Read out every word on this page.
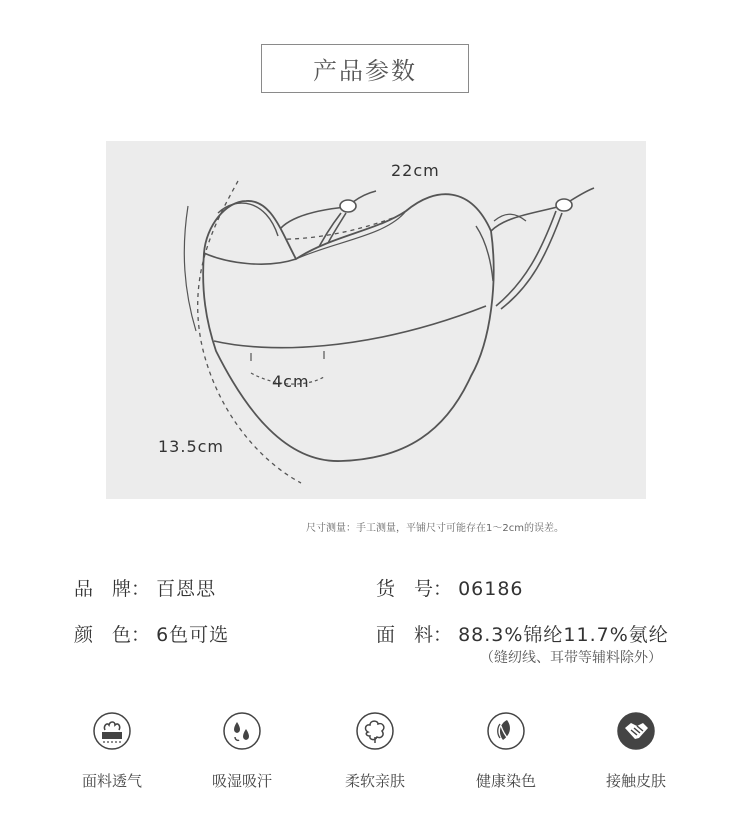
产品参数
22cm
4cm
13.5cm
尺寸测量：手工测量，平铺尺寸可能存在1～2cm的误差。
品　牌： 百恩思	货　号： 06186
颜　色： 6色可选	面　料： 88.3%锦纶11.7%氨纶
（缝纫线、耳带等辅料除外）
面料透气	吸湿吸汗	柔软亲肤	健康染色	接触皮肤
